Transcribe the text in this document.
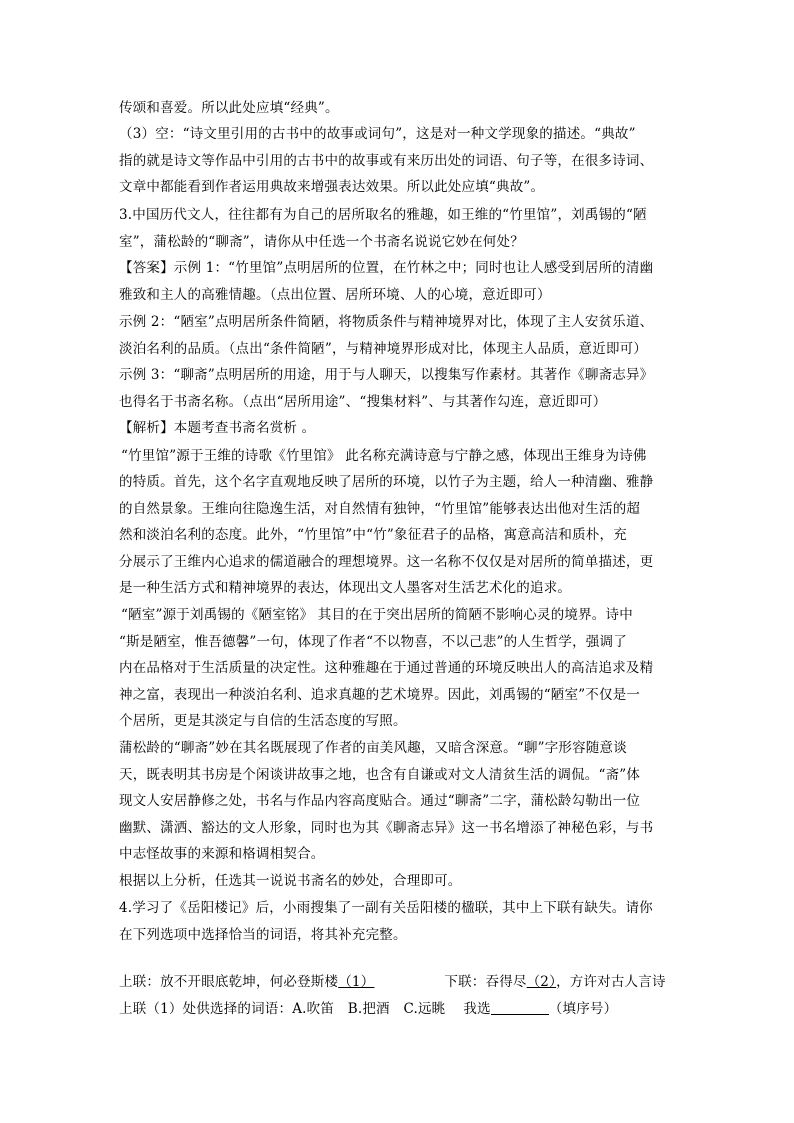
传颂和喜爱。所以此处应填“经典”。
（3）空：“诗文里引用的古书中的故事或词句”，这是对一种文学现象的描述。“典故”
指的就是诗文等作品中引用的古书中的故事或有来历出处的词语、句子等，在很多诗词、
文章中都能看到作者运用典故来增强表达效果。所以此处应填“典故”。
3.中国历代文人，往往都有为自己的居所取名的雅趣，如王维的“竹里馆”，刘禹锡的“陋
室”，蒲松龄的“聊斋”，请你从中任选一个书斋名说说它妙在何处？
【答案】示例 1：“竹里馆”点明居所的位置，在竹林之中；同时也让人感受到居所的清幽
雅致和主人的高雅情趣。（点出位置、居所环境、人的心境，意近即可）
示例 2：“陋室”点明居所条件简陋，将物质条件与精神境界对比，体现了主人安贫乐道、
淡泊名利的品质。（点出“条件简陋”，与精神境界形成对比，体现主人品质，意近即可）
示例 3：“聊斋”点明居所的用途，用于与人聊天，以搜集写作素材。其著作《聊斋志异》
也得名于书斋名称。（点出“居所用途”、“搜集材料”、与其著作勾连，意近即可）
【解析】本题考查书斋名赏析 。
“竹里馆”源于王维的诗歌《竹里馆》 此名称充满诗意与宁静之感，体现出王维身为诗佛
的特质。首先，这个名字直观地反映了居所的环境，以竹子为主题，给人一种清幽、雅静
的自然景象。王维向往隐逸生活，对自然情有独钟，“竹里馆”能够表达出他对生活的超
然和淡泊名利的态度。此外，“竹里馆”中“竹”象征君子的品格，寓意高洁和质朴，充
分展示了王维内心追求的儒道融合的理想境界。这一名称不仅仅是对居所的简单描述，更
是一种生活方式和精神境界的表达，体现出文人墨客对生活艺术化的追求。
“陋室”源于刘禹锡的《陋室铭》 其目的在于突出居所的简陋不影响心灵的境界。诗中
“斯是陋室，惟吾德馨”一句，体现了作者“不以物喜，不以己悲”的人生哲学，强调了
内在品格对于生活质量的决定性。这种雅趣在于通过普通的环境反映出人的高洁追求及精
神之富，表现出一种淡泊名利、追求真趣的艺术境界。因此，刘禹锡的“陋室”不仅是一
个居所，更是其淡定与自信的生活态度的写照。
蒲松龄的“聊斋”妙在其名既展现了作者的亩美风趣，又暗含深意。“聊”字形容随意谈
天，既表明其书房是个闲谈讲故事之地，也含有自谦或对文人清贫生活的调侃。“斋”体
现文人安居静修之处，书名与作品内容高度贴合。通过“聊斋”二字，蒲松龄勾勒出一位
幽默、潇洒、豁达的文人形象，同时也为其《聊斋志异》这一书名增添了神秘色彩，与书
中志怪故事的来源和格调相契合。
根据以上分析，任选其一说说书斋名的妙处，合理即可。
4.学习了《岳阳楼记》后，小雨搜集了一副有关岳阳楼的楹联，其中上下联有缺失。请你
在下列选项中选择恰当的词语，将其补充完整。
上联：放不开眼底乾坤，何必登斯楼（1）	下联：吞得尽（2），方许对古人言诗
上联（1）处供选择的词语：A.吹笛　B.把酒　C.远眺 我选	（填序号）
